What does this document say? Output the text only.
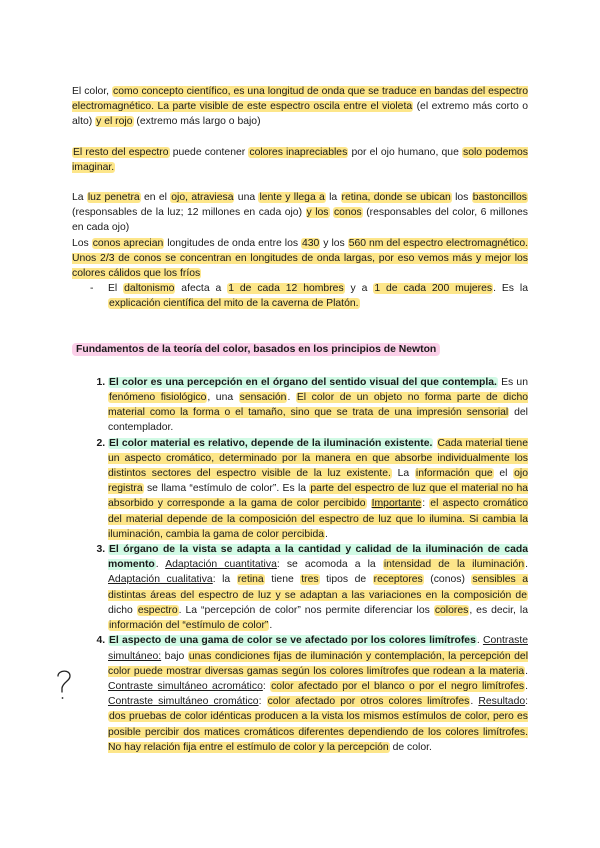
El color, como concepto científico, es una longitud de onda que se traduce en bandas del espectro electromagnético. La parte visible de este espectro oscila entre el violeta (el extremo más corto o alto) y el rojo (extremo más largo o bajo)

El resto del espectro puede contener colores inapreciables por el ojo humano, que solo podemos imaginar.

La luz penetra en el ojo, atraviesa una lente y llega a la retina, donde se ubican los bastoncillos (responsables de la luz; 12 millones en cada ojo) y los conos (responsables del color, 6 millones en cada ojo)

Los conos aprecian longitudes de onda entre los 430 y los 560 nm del espectro electromagnético. Unos 2/3 de conos se concentran en longitudes de onda largas, por eso vemos más y mejor los colores cálidos que los fríos

- El daltonismo afecta a 1 de cada 12 hombres y a 1 de cada 200 mujeres. Es la explicación científica del mito de la caverna de Platón.
Fundamentos de la teoría del color, basados en los principios de Newton
1. El color es una percepción en el órgano del sentido visual del que contempla. Es un fenómeno fisiológico, una sensación. El color de un objeto no forma parte de dicho material como la forma o el tamaño, sino que se trata de una impresión sensorial del contemplador.
2. El color material es relativo, depende de la iluminación existente. Cada material tiene un aspecto cromático, determinado por la manera en que absorbe individualmente los distintos sectores del espectro visible de la luz existente. La información que el ojo registra se llama “estímulo de color”. Es la parte del espectro de luz que el material no ha absorbido y corresponde a la gama de color percibido Importante: el aspecto cromático del material depende de la composición del espectro de luz que lo ilumina. Si cambia la iluminación, cambia la gama de color percibida.
3. El órgano de la vista se adapta a la cantidad y calidad de la iluminación de cada momento. Adaptación cuantitativa: se acomoda a la intensidad de la iluminación. Adaptación cualitativa: la retina tiene tres tipos de receptores (conos) sensibles a distintas áreas del espectro de luz y se adaptan a las variaciones en la composición de dicho espectro. La “percepción de color” nos permite diferenciar los colores, es decir, la información del “estímulo de color”.
4. El aspecto de una gama de color se ve afectado por los colores limítrofes. Contraste simultáneo: bajo unas condiciones fijas de iluminación y contemplación, la percepción del color puede mostrar diversas gamas según los colores limítrofes que rodean a la materia. Contraste simultáneo acromático: color afectado por el blanco o por el negro limítrofes. Contraste simultáneo cromático: color afectado por otros colores limítrofes. Resultado: dos pruebas de color idénticas producen a la vista los mismos estímulos de color, pero es posible percibir dos matices cromáticos diferentes dependiendo de los colores limítrofes. No hay relación fija entre el estímulo de color y la percepción de color.
